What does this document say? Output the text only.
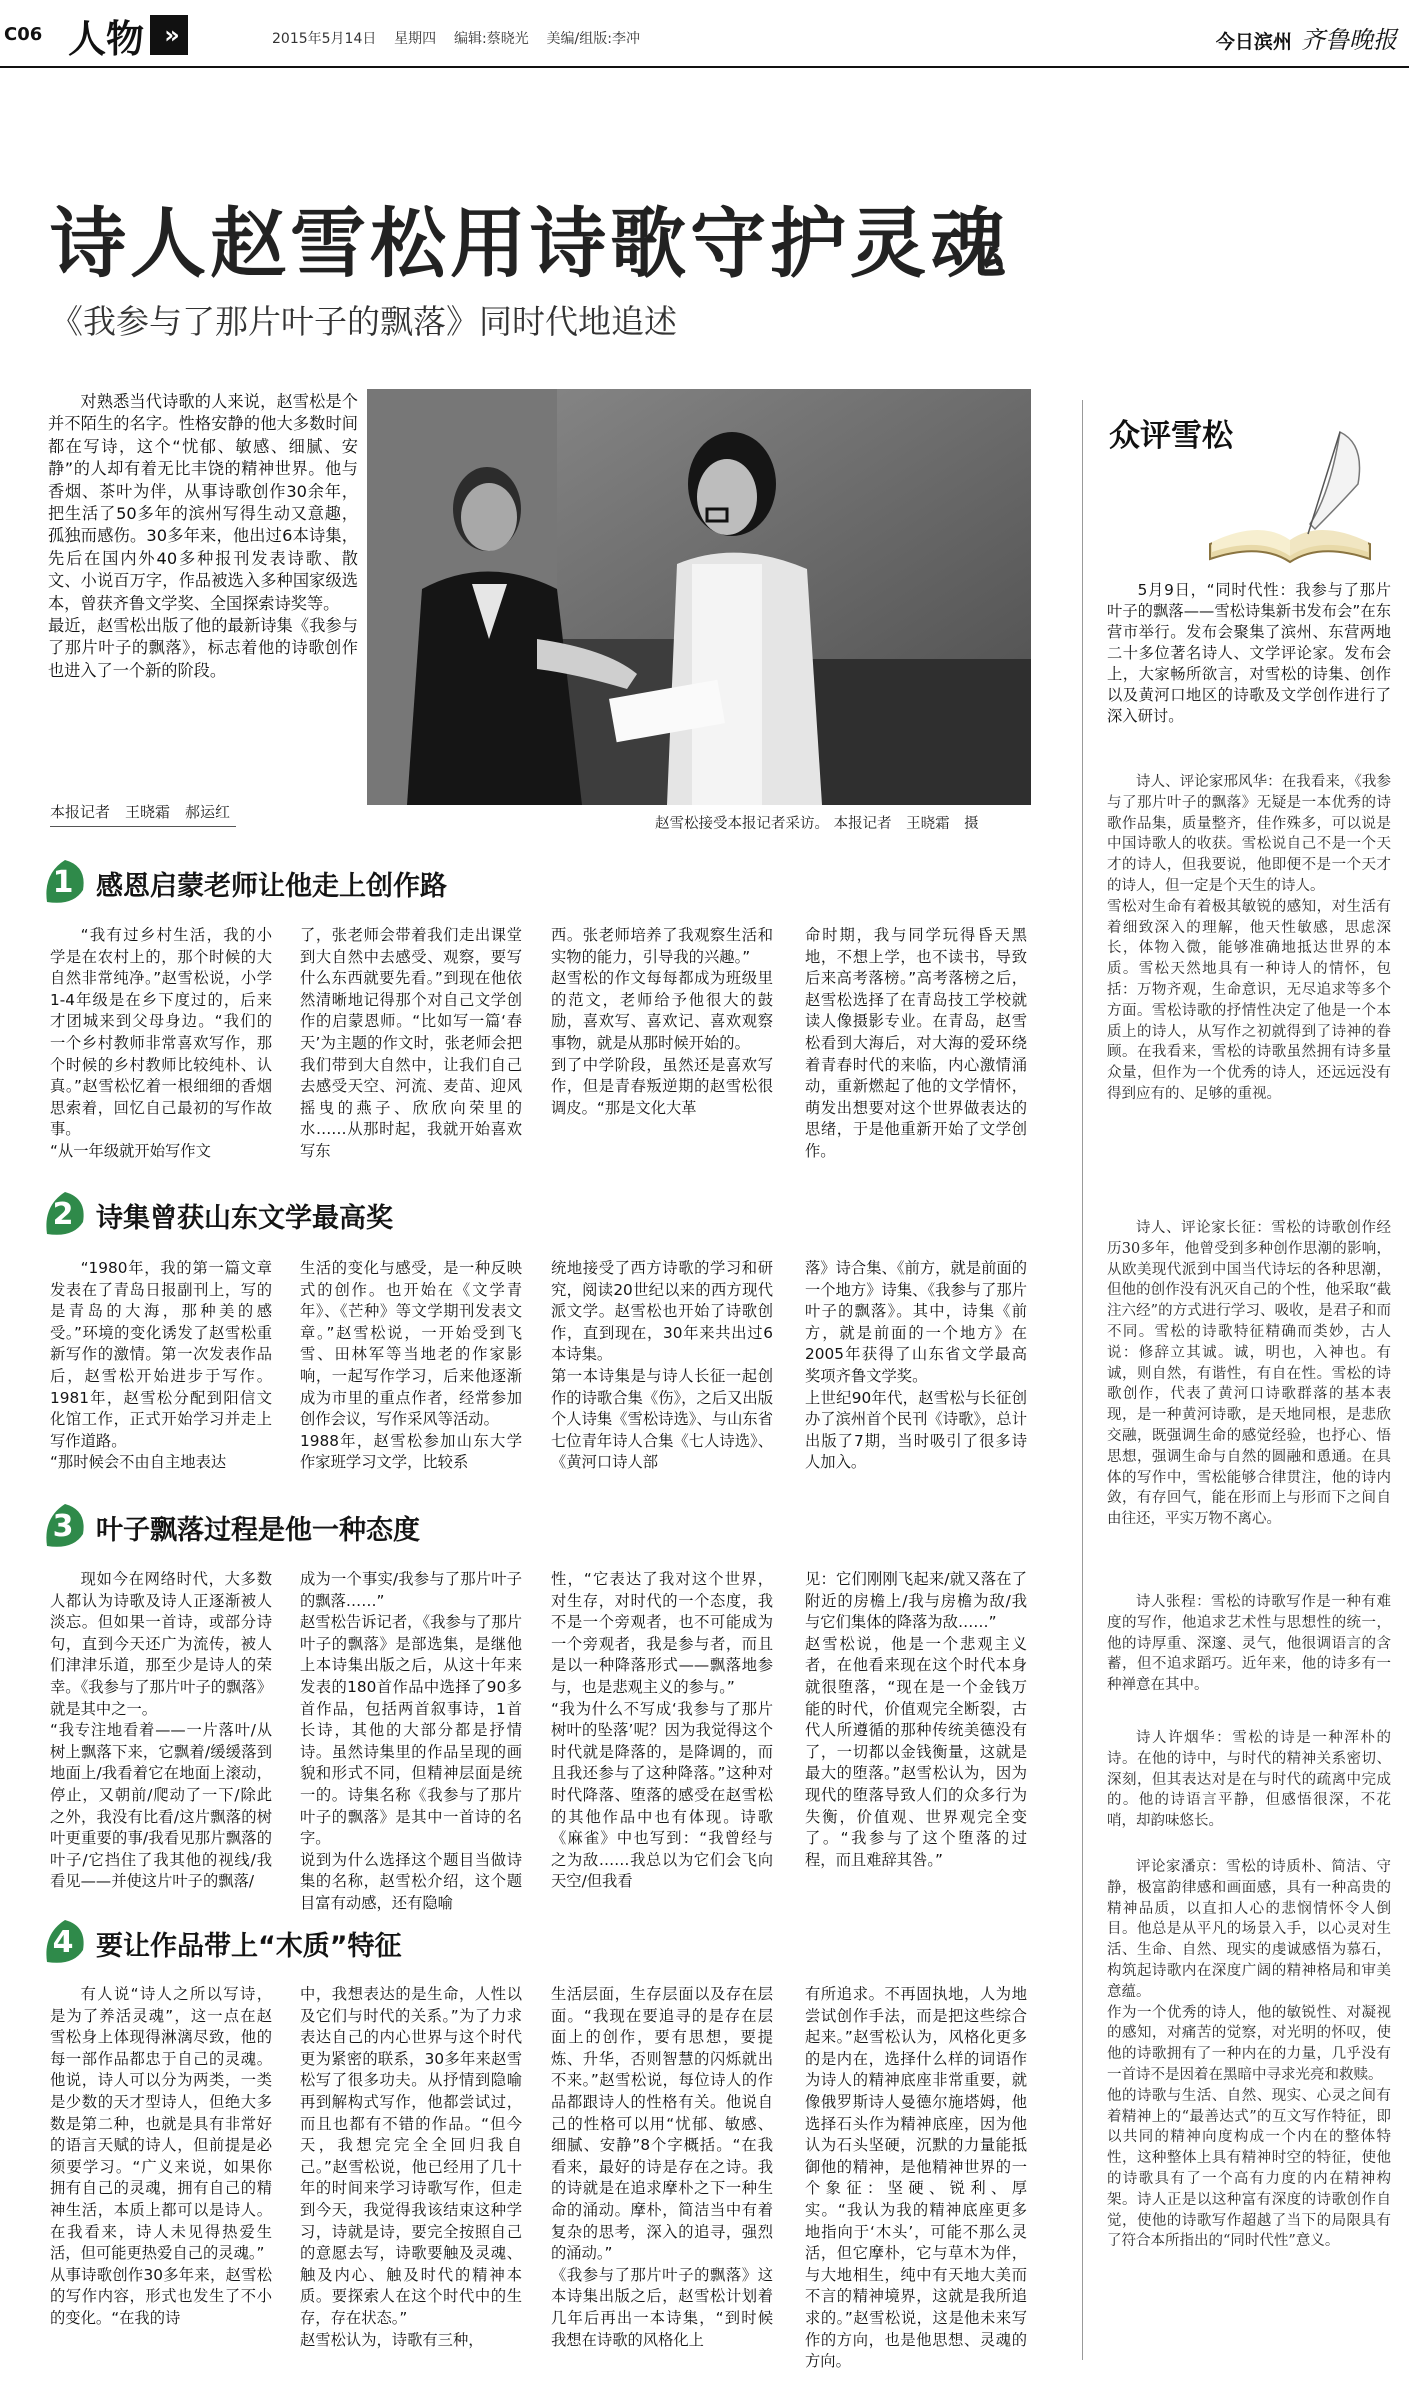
C06 人物 »	2015年5月14日 星期四 编辑:蔡晓光 美编/组版:李冲	今日滨州 齐鲁晚报
诗人赵雪松用诗歌守护灵魂
《我参与了那片叶子的飘落》同时代地追述
对熟悉当代诗歌的人来说，赵雪松是个并不陌生的名字。性格安静的他大多数时间都在写诗，这个“忧郁、敏感、细腻、安静”的人却有着无比丰饶的精神世界。他与香烟、茶叶为伴，从事诗歌创作30余年，把生活了50多年的滨州写得生动又意趣，孤独而感伤。30多年来，他出过6本诗集，先后在国内外40多种报刊发表诗歌、散文、小说百万字，作品被选入多种国家级选本，曾获齐鲁文学奖、全国探索诗奖等。
最近，赵雪松出版了他的最新诗集《我参与了那片叶子的飘落》，标志着他的诗歌创作也进入了一个新的阶段。
本报记者　王晓霜　郝运红
赵雪松接受本报记者采访。 本报记者　王晓霜　摄
众评雪松
5月9日，“同时代性：我参与了那片叶子的飘落——雪松诗集新书发布会”在东营市举行。发布会聚集了滨州、东营两地二十多位著名诗人、文学评论家。发布会上，大家畅所欲言，对雪松的诗集、创作以及黄河口地区的诗歌及文学创作进行了深入研讨。
诗人、评论家邢风华：在我看来，《我参与了那片叶子的飘落》无疑是一本优秀的诗歌作品集，质量整齐，佳作殊多，可以说是中国诗歌人的收获。雪松说自己不是一个天才的诗人，但我要说，他即便不是一个天才的诗人，但一定是个天生的诗人。
雪松对生命有着极其敏锐的感知，对生活有着细致深入的理解，他天性敏感，思虑深长，体物入微，能够准确地抵达世界的本质。雪松天然地具有一种诗人的情怀，包括：万物齐观，生命意识，无尽追求等多个方面。雪松诗歌的抒情性决定了他是一个本质上的诗人，从写作之初就得到了诗神的眷顾。在我看来，雪松的诗歌虽然拥有诗多量众量，但作为一个优秀的诗人，还远远没有得到应有的、足够的重视。
诗人、评论家长征：雪松的诗歌创作经历30多年，他曾受到多种创作思潮的影响，从欧美现代派到中国当代诗坛的各种思潮，但他的创作没有汎灭自己的个性，他采取“截注六经”的方式进行学习、吸收，是君子和而不同。雪松的诗歌特征精确而类妙，古人说：修辞立其诚。诚，明也，入神也。有诚，则自然，有谐性，有自在性。雪松的诗歌创作，代表了黄河口诗歌群落的基本表现，是一种黄河诗歌，是天地同根，是悲欣交融，既强调生命的感觉经验，也抒心、悟思想，强调生命与自然的圆融和恿通。在具体的写作中，雪松能够合律贯注，他的诗内敛，有存回气，能在形而上与形而下之间自由往还，平实万物不离心。
诗人张程：雪松的诗歌写作是一种有难度的写作，他追求艺术性与思想性的统一，他的诗厚重、深邃、灵气，他很调语言的含蓄，但不追求蹈巧。近年来，他的诗多有一种禅意在其中。
诗人许烟华：雪松的诗是一种浑朴的诗。在他的诗中，与时代的精神关系密切、深刻，但其表达对是在与时代的疏离中完成的。他的诗语言平静，但感悟很深，不花哨，却韵味悠长。
评论家潘京：雪松的诗质朴、简洁、守静，极富韵律感和画面感，具有一种高贵的精神品质，以直扣人心的悲悯情怀令人倒目。他总是从平凡的场景入手，以心灵对生活、生命、自然、现实的虔诚感悟为慕石，构筑起诗歌内在深度广阔的精神格局和审美意蕴。
作为一个优秀的诗人，他的敏锐性、对凝视的感知，对痛苦的觉察，对光明的怀叹，使他的诗歌拥有了一种内在的力量，几乎没有一首诗不是因着在黑暗中寻求光亮和救赎。
他的诗歌与生活、自然、现实、心灵之间有着精神上的“最善达式”的互文写作特征，即以共同的精神向度构成一个内在的整体特性，这种整体上具有精神时空的特征，使他的诗歌具有了一个高有力度的内在精神构架。诗人正是以这种富有深度的诗歌创作自觉，使他的诗歌写作超越了当下的局限具有了符合本所指出的“同时代性”意义。
1 感恩启蒙老师让他走上创作路
“我有过乡村生活，我的小学是在农村上的，那个时候的大自然非常纯净。”赵雪松说，小学1-4年级是在乡下度过的，后来才团城来到父母身边。“我们的一个乡村教师非常喜欢写作，那个时候的乡村教师比较纯朴、认真。”赵雪松忆着一根细细的香烟思索着，回忆自己最初的写作故事。
“从一年级就开始写作文
了，张老师会带着我们走出课堂到大自然中去感受、观察，要写什么东西就要先看。”到现在他依然清晰地记得那个对自己文学创作的启蒙恩师。“比如写一篇‘春天’为主题的作文时，张老师会把我们带到大自然中，让我们自己去感受天空、河流、麦苗、迎风摇曳的燕子、欣欣向荣里的水……从那时起，我就开始喜欢写东
西。张老师培养了我观察生活和实物的能力，引导我的兴趣。”
赵雪松的作文每每都成为班级里的范文，老师给予他很大的鼓励，喜欢写、喜欢记、喜欢观察事物，就是从那时候开始的。
到了中学阶段，虽然还是喜欢写作，但是青春叛逆期的赵雪松很调皮。“那是文化大革
命时期，我与同学玩得昏天黑地，不想上学，也不读书，导致后来高考落榜。”高考落榜之后，赵雪松选择了在青岛技工学校就读人像摄影专业。在青岛，赵雪松看到大海后，对大海的爱环绕着青春时代的来临，内心激情涌动，重新燃起了他的文学情怀，萌发出想要对这个世界做表达的思绪，于是他重新开始了文学创作。
2 诗集曾获山东文学最高奖
“1980年，我的第一篇文章发表在了青岛日报副刊上，写的是青岛的大海，那种美的感受。”环境的变化诱发了赵雪松重新写作的激情。第一次发表作品后，赵雪松开始进步于写作。1981年，赵雪松分配到阳信文化馆工作，正式开始学习并走上写作道路。
“那时候会不由自主地表达
生活的变化与感受，是一种反映式的创作。也开始在《文学青年》、《芒种》等文学期刊发表文章。”赵雪松说，一开始受到飞雪、田林军等当地老的作家影响，一起写作学习，后来他逐渐成为市里的重点作者，经常参加创作会议，写作采风等活动。
1988年，赵雪松参加山东大学作家班学习文学，比较系
统地接受了西方诗歌的学习和研究，阅读20世纪以来的西方现代派文学。赵雪松也开始了诗歌创作，直到现在，30年来共出过6本诗集。
第一本诗集是与诗人长征一起创作的诗歌合集《伤》，之后又出版个人诗集《雪松诗选》、与山东省七位青年诗人合集《七人诗选》、《黄河口诗人部
落》诗合集、《前方，就是前面的一个地方》诗集、《我参与了那片叶子的飘落》。其中，诗集《前方，就是前面的一个地方》在2005年获得了山东省文学最高奖项齐鲁文学奖。
上世纪90年代，赵雪松与长征创办了滨州首个民刊《诗歌》，总计出版了7期，当时吸引了很多诗人加入。
3 叶子飘落过程是他一种态度
现如今在网络时代，大多数人都认为诗歌及诗人正逐渐被人淡忘。但如果一首诗，或部分诗句，直到今天还广为流传，被人们津津乐道，那至少是诗人的荣幸。《我参与了那片叶子的飘落》就是其中之一。
“我专注地看着——一片落叶/从树上飘落下来，它飘着/缓缓落到地面上/我看着它在地面上滚动，停止，又朝前/爬动了一下/除此之外，我没有比看/这片飘落的树叶更重要的事/我看见那片飘落的叶子/它挡住了我其他的视线/我看见——并使这片叶子的飘落/
成为一个事实/我参与了那片叶子的飘落……”
赵雪松告诉记者，《我参与了那片叶子的飘落》是部选集，是继他上本诗集出版之后，从这十年来发表的180首作品中选择了90多首作品，包括两首叙事诗，1首长诗，其他的大部分都是抒情诗。虽然诗集里的作品呈现的画貌和形式不同，但精神层面是统一的。诗集名称《我参与了那片叶子的飘落》是其中一首诗的名字。
说到为什么选择这个题目当做诗集的名称，赵雪松介绍，这个题目富有动感，还有隐喻
性，“它表达了我对这个世界，对生存，对时代的一个态度，我不是一个旁观者，也不可能成为一个旁观者，我是参与者，而且是以一种降落形式——飘落地参与，也是悲观主义的参与。”
“我为什么不写成‘我参与了那片树叶的坠落’呢？因为我觉得这个时代就是降落的，是降调的，而且我还参与了这种降落。”这种对时代降落、堕落的感受在赵雪松的其他作品中也有体现。诗歌《麻雀》中也写到：“我曾经与之为敌……我总以为它们会飞向天空/但我看
见：它们刚刚飞起来/就又落在了附近的房檐上/我与房檐为敌/我与它们集体的降落为敌……”
赵雪松说，他是一个悲观主义者，在他看来现在这个时代本身就很堕落，“现在是一个金钱万能的时代，价值观完全断裂，古代人所遵循的那种传统美德没有了，一切都以金钱衡量，这就是最大的堕落。”赵雪松认为，因为现代的堕落导致人们的众多行为失衡，价值观、世界观完全变了。“我参与了这个堕落的过程，而且难辞其咎。”
4 要让作品带上“木质”特征
有人说“诗人之所以写诗，是为了养活灵魂”，这一点在赵雪松身上体现得淋漓尽致，他的每一部作品都忠于自己的灵魂。他说，诗人可以分为两类，一类是少数的天才型诗人，但绝大多数是第二种，也就是具有非常好的语言天赋的诗人，但前提是必须要学习。“广义来说，如果你拥有自己的灵魂，拥有自己的精神生活，本质上都可以是诗人。在我看来，诗人未见得热爱生活，但可能更热爱自己的灵魂。”
从事诗歌创作30多年来，赵雪松的写作内容，形式也发生了不小的变化。“在我的诗
中，我想表达的是生命，人性以及它们与时代的关系。”为了力求表达自己的内心世界与这个时代更为紧密的联系，30多年来赵雪松写了很多功夫。从抒情到隐喻再到解构式写作，他都尝试过，而且也都有不错的作品。“但今天，我想完完全全回归我自己。”赵雪松说，他已经用了几十年的时间来学习诗歌写作，但走到今天，我觉得我该结束这种学习，诗就是诗，要完全按照自己的意愿去写，诗歌要触及灵魂、触及内心、触及时代的精神本质。要探索人在这个时代中的生存，存在状态。”
赵雪松认为，诗歌有三种，
生活层面，生存层面以及存在层面。“我现在要追寻的是存在层面上的创作，要有思想，要提炼、升华，否则智慧的闪烁就出不来。”赵雪松说，每位诗人的作品都跟诗人的性格有关。他说自己的性格可以用“忧郁、敏感、细腻、安静”8个字概括。“在我看来，最好的诗是存在之诗。我的诗就是在追求摩朴之下一种生命的涌动。摩朴，简洁当中有着复杂的思考，深入的追寻，强烈的涌动。”
《我参与了那片叶子的飘落》这本诗集出版之后，赵雪松计划着几年后再出一本诗集，“到时候我想在诗歌的风格化上
有所追求。不再固执地，人为地尝试创作手法，而是把这些综合起来。”赵雪松认为，风格化更多的是内在，选择什么样的词语作为诗人的精神底座非常重要，就像俄罗斯诗人曼德尔施塔姆，他选择石头作为精神底座，因为他认为石头坚硬，沉默的力量能抵御他的精神，是他精神世界的一个象征：坚硬、锐利、厚实。“我认为我的精神底座更多地指向于‘木头’，可能不那么灵活，但它摩朴，它与草木为伴，与大地相生，纯中有天地大美而不言的精神境界，这就是我所追求的。”赵雪松说，这是他未来写作的方向，也是他思想、灵魂的方向。
